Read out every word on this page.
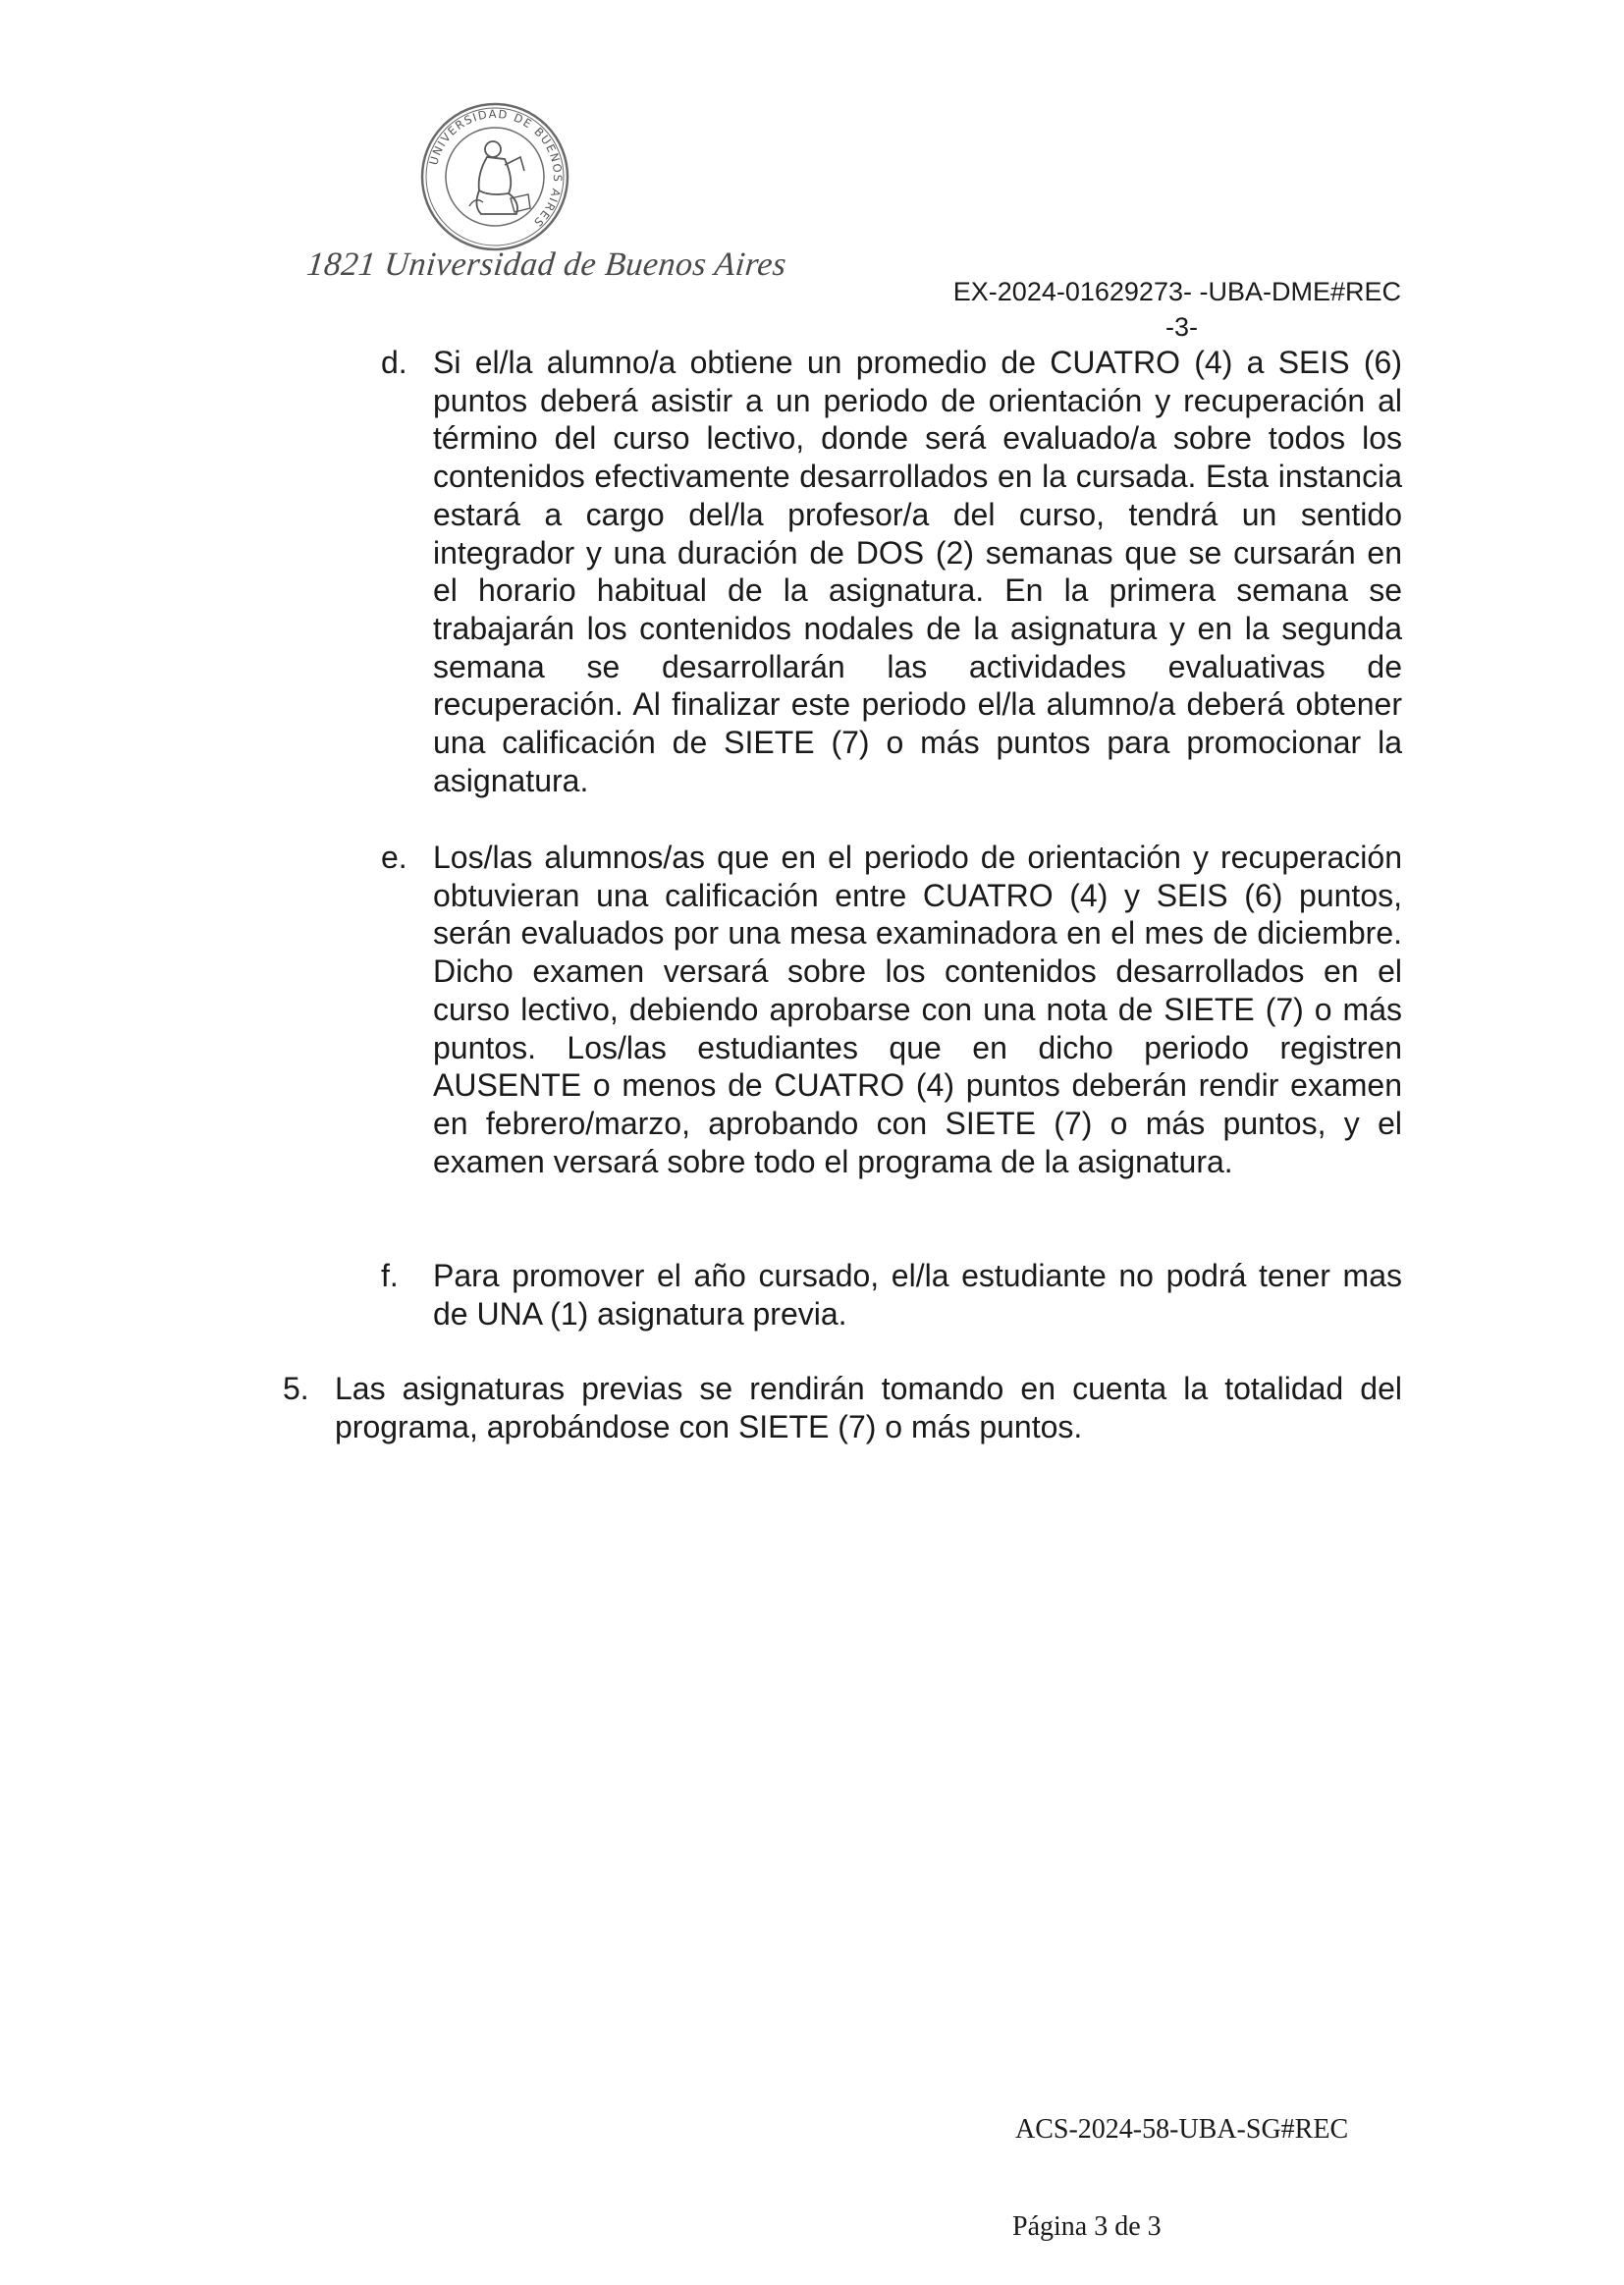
UNIVERSIDAD DE BUENOS AIRES
1821 Universidad de Buenos Aires
EX-2024-01629273- -UBA-DME#REC
-3-
d. Si el/la alumno/a obtiene un promedio de CUATRO (4) a SEIS (6) puntos deberá asistir a un periodo de orientación y recuperación al término del curso lectivo, donde será evaluado/a sobre todos los contenidos efectivamente desarrollados en la cursada. Esta instancia estará a cargo del/la profesor/a del curso, tendrá un sentido integrador y una duración de DOS (2) semanas que se cursarán en el horario habitual de la asignatura. En la primera semana se trabajarán los contenidos nodales de la asignatura y en la segunda semana se desarrollarán las actividades evaluativas de recuperación. Al finalizar este periodo el/la alumno/a deberá obtener una calificación de SIETE (7) o más puntos para promocionar la asignatura.
e. Los/las alumnos/as que en el periodo de orientación y recuperación obtuvieran una calificación entre CUATRO (4) y SEIS (6) puntos, serán evaluados por una mesa examinadora en el mes de diciembre. Dicho examen versará sobre los contenidos desarrollados en el curso lectivo, debiendo aprobarse con una nota de SIETE (7) o más puntos. Los/las estudiantes que en dicho periodo registren AUSENTE o menos de CUATRO (4) puntos deberán rendir examen en febrero/marzo, aprobando con SIETE (7) o más puntos, y el examen versará sobre todo el programa de la asignatura.
f. Para promover el año cursado, el/la estudiante no podrá tener mas de UNA (1) asignatura previa.
5. Las asignaturas previas se rendirán tomando en cuenta la totalidad del programa, aprobándose con SIETE (7) o más puntos.
ACS-2024-58-UBA-SG#REC
Página 3 de 3
